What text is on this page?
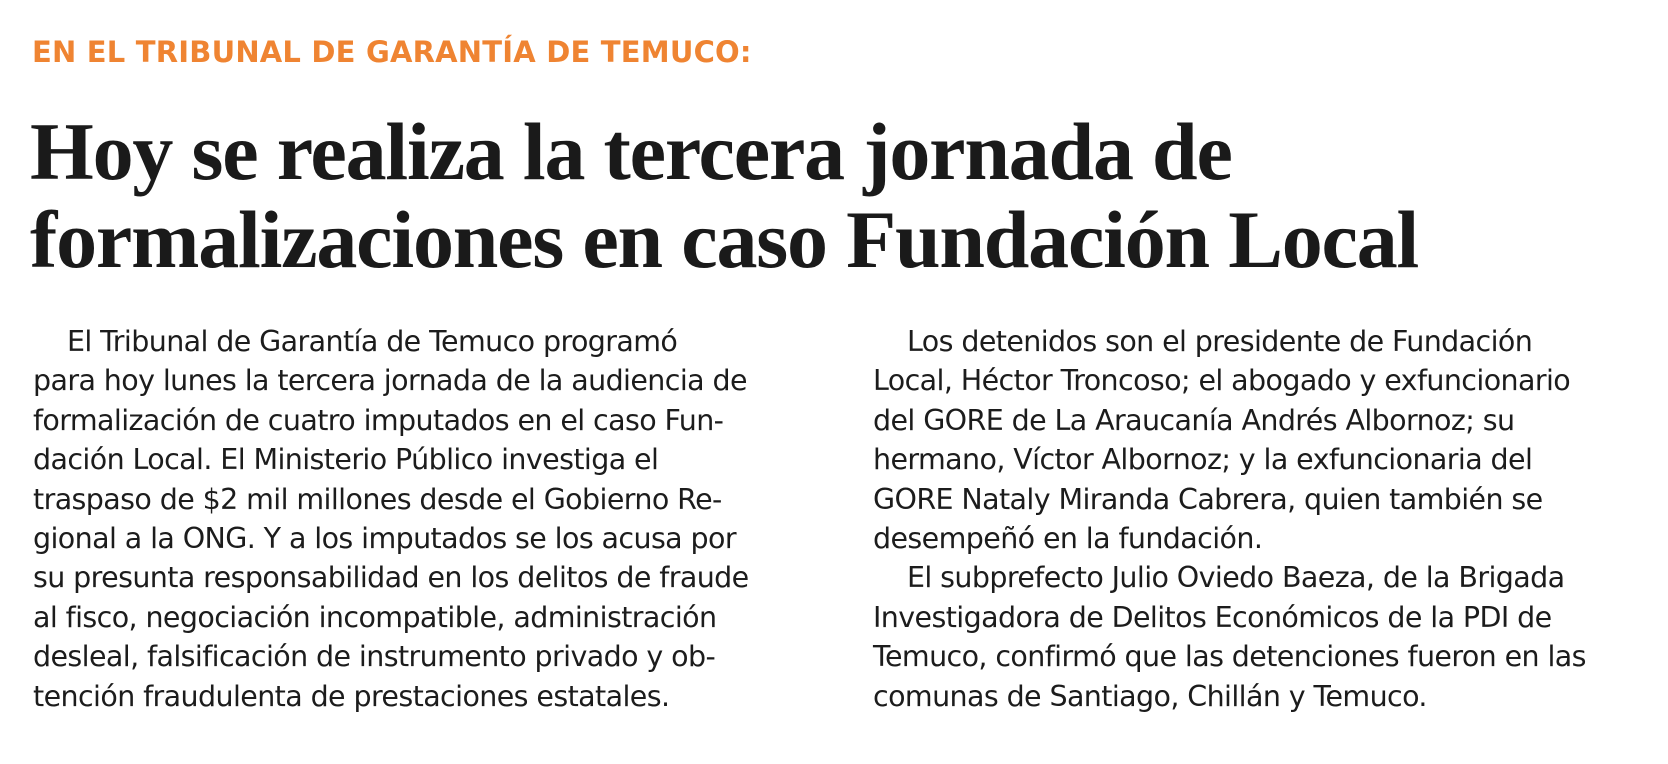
EN EL TRIBUNAL DE GARANTÍA DE TEMUCO:
Hoy se realiza la tercera jornada de
formalizaciones en caso Fundación Local
El Tribunal de Garantía de Temuco programó
para hoy lunes la tercera jornada de la audiencia de
formalización de cuatro imputados en el caso Fun-
dación Local. El Ministerio Público investiga el
traspaso de $2 mil millones desde el Gobierno Re-
gional a la ONG. Y a los imputados se los acusa por
su presunta responsabilidad en los delitos de fraude
al fisco, negociación incompatible, administración
desleal, falsificación de instrumento privado y ob-
tención fraudulenta de prestaciones estatales.
Los detenidos son el presidente de Fundación
Local, Héctor Troncoso; el abogado y exfuncionario
del GORE de La Araucanía Andrés Albornoz; su
hermano, Víctor Albornoz; y la exfuncionaria del
GORE Nataly Miranda Cabrera, quien también se
desempeñó en la fundación.
El subprefecto Julio Oviedo Baeza, de la Brigada
Investigadora de Delitos Económicos de la PDI de
Temuco, confirmó que las detenciones fueron en las
comunas de Santiago, Chillán y Temuco.
